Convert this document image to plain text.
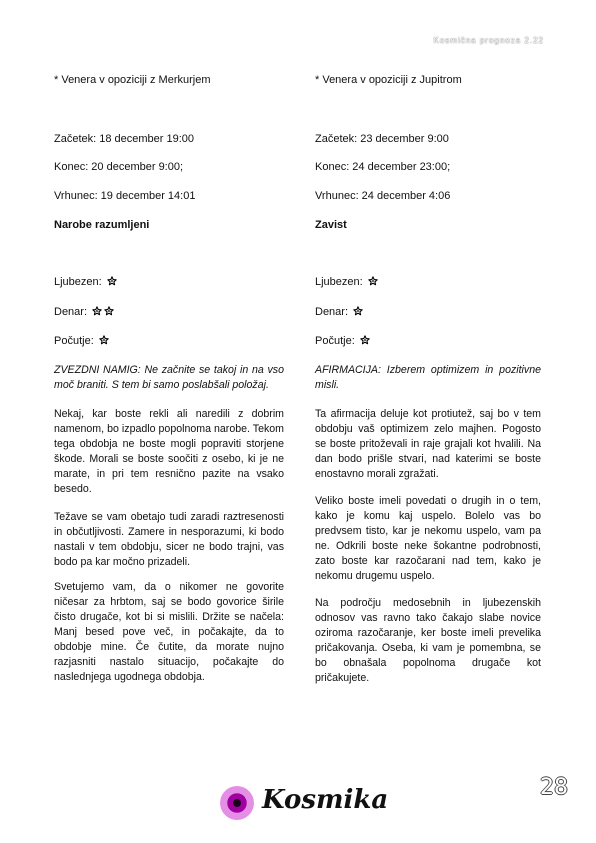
Kosmična prognoza 2.22
* Venera v opoziciji z Merkurjem
Začetek: 18 december 19:00
Konec: 20 december 9:00;
Vrhunec: 19 december 14:01
Narobe razumljeni
Ljubezen:
Denar:
Počutje:
ZVEZDNI NAMIG: Ne začnite se takoj in na vso moč braniti. S tem bi samo poslabšali položaj.
Nekaj, kar boste rekli ali naredili z dobrim namenom, bo izpadlo popolnoma narobe. Tekom tega obdobja ne boste mogli popraviti storjene škode. Morali se boste soočiti z osebo, ki je ne marate, in pri tem resnično pazite na vsako besedo.
Težave se vam obetajo tudi zaradi raztresenosti in občutljivosti. Zamere in nesporazumi, ki bodo nastali v tem obdobju, sicer ne bodo trajni, vas bodo pa kar močno prizadeli.
Svetujemo vam, da o nikomer ne govorite ničesar za hrbtom, saj se bodo govorice širile čisto drugače, kot bi si mislili. Držite se načela: Manj besed pove več, in počakajte, da to obdobje mine. Če čutite, da morate nujno razjasniti nastalo situacijo, počakajte do naslednjega ugodnega obdobja.
* Venera v opoziciji z Jupitrom
Začetek: 23 december 9:00
Konec: 24 december 23:00;
Vrhunec: 24 december 4:06
Zavist
Ljubezen:
Denar:
Počutje:
AFIRMACIJA: Izberem optimizem in pozitivne misli.
Ta afirmacija deluje kot protiutež, saj bo v tem obdobju vaš optimizem zelo majhen. Pogosto se boste pritoževali in raje grajali kot hvalili. Na dan bodo prišle stvari, nad katerimi se boste enostavno morali zgražati.
Veliko boste imeli povedati o drugih in o tem, kako je komu kaj uspelo. Bolelo vas bo predvsem tisto, kar je nekomu uspelo, vam pa ne. Odkrili boste neke šokantne podrobnosti, zato boste kar razočarani nad tem, kako je nekomu drugemu uspelo.
Na področju medosebnih in ljubezenskih odnosov vas ravno tako čakajo slabe novice oziroma razočaranje, ker boste imeli prevelika pričakovanja. Oseba, ki vam je pomembna, se bo obnašala popolnoma drugače kot pričakujete.
28
Kosmika
